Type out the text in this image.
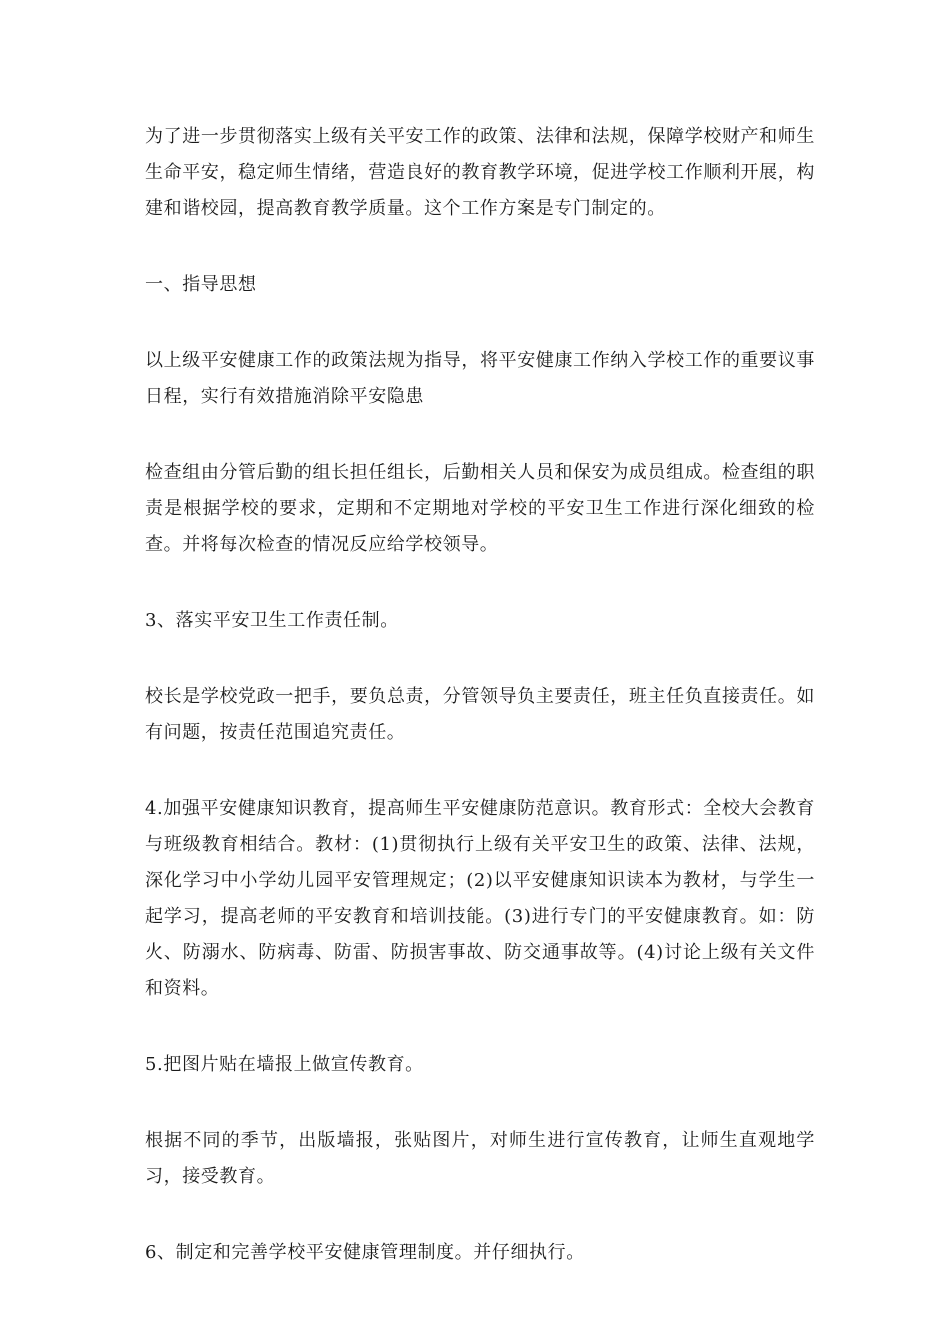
为了进一步贯彻落实上级有关平安工作的政策、法律和法规，保障学校财产和师生生命平安，稳定师生情绪，营造良好的教育教学环境，促进学校工作顺利开展，构建和谐校园，提高教育教学质量。这个工作方案是专门制定的。

一、指导思想

以上级平安健康工作的政策法规为指导，将平安健康工作纳入学校工作的重要议事日程，实行有效措施消除平安隐患

检查组由分管后勤的组长担任组长，后勤相关人员和保安为成员组成。检查组的职责是根据学校的要求，定期和不定期地对学校的平安卫生工作进行深化细致的检查。并将每次检查的情况反应给学校领导。

3、落实平安卫生工作责任制。

校长是学校党政一把手，要负总责，分管领导负主要责任，班主任负直接责任。如有问题，按责任范围追究责任。

4.加强平安健康知识教育，提高师生平安健康防范意识。教育形式：全校大会教育与班级教育相结合。教材：(1)贯彻执行上级有关平安卫生的政策、法律、法规，深化学习中小学幼儿园平安管理规定；(2)以平安健康知识读本为教材，与学生一起学习，提高老师的平安教育和培训技能。(3)进行专门的平安健康教育。如：防火、防溺水、防病毒、防雷、防损害事故、防交通事故等。(4)讨论上级有关文件和资料。

5.把图片贴在墙报上做宣传教育。

根据不同的季节，出版墙报，张贴图片，对师生进行宣传教育，让师生直观地学习，接受教育。

6、制定和完善学校平安健康管理制度。并仔细执行。
